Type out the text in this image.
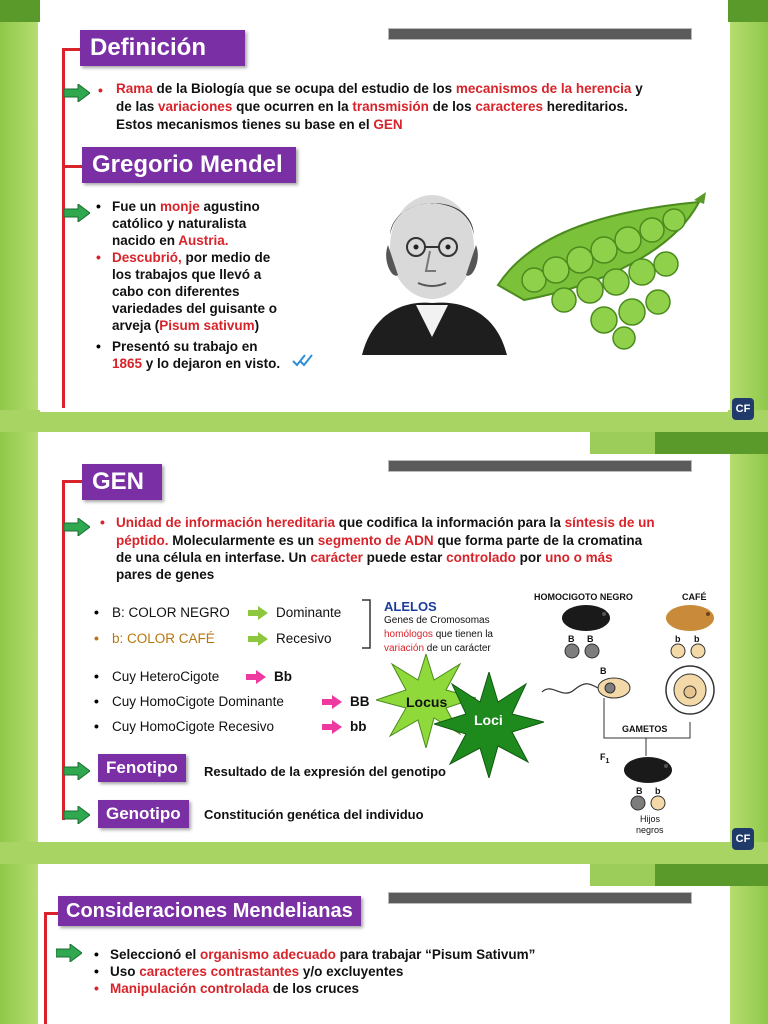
Definición
• Rama de la Biología que se ocupa del estudio de los mecanismos de la herencia y
de las variaciones que ocurren en la transmisión de los caracteres hereditarios.
Estos mecanismos tienes su base en el GEN
Gregorio Mendel
• Fue un monje agustino
católico y naturalista
nacido en Austria.
• Descubrió, por medio de
los trabajos que llevó a
cabo con diferentes
variedades del guisante o
arveja (Pisum sativum)
• Presentó su trabajo en
1865 y lo dejaron en visto.
CF
GEN
• Unidad de información hereditaria que codifica la información para la síntesis de un
péptido. Molecularmente es un segmento de ADN que forma parte de la cromatina
de una célula en interfase. Un carácter puede estar controlado por uno o más
pares de genes
• B: COLOR NEGRO	Dominante
• b: COLOR CAFÉ	Recesivo
ALELOS
Genes de Cromosomas
homólogos que tienen la
variación de un carácter
• Cuy HeteroCigote	Bb
• Cuy HomoCigote Dominante	BB
• Cuy HomoCigote Recesivo	bb
Locus
Loci
HOMOCIGOTO NEGRO	CAFÉ
B B	b b
B
GAMETOS
$F_1$
B b
Hijos
negros
Fenotipo	Resultado de la expresión del genotipo
Genotipo	Constitución genética del individuo
CF
Consideraciones Mendelianas
• Seleccionó el organismo adecuado para trabajar “Pisum Sativum”
• Uso caracteres contrastantes y/o excluyentes
• Manipulación controlada de los cruces
